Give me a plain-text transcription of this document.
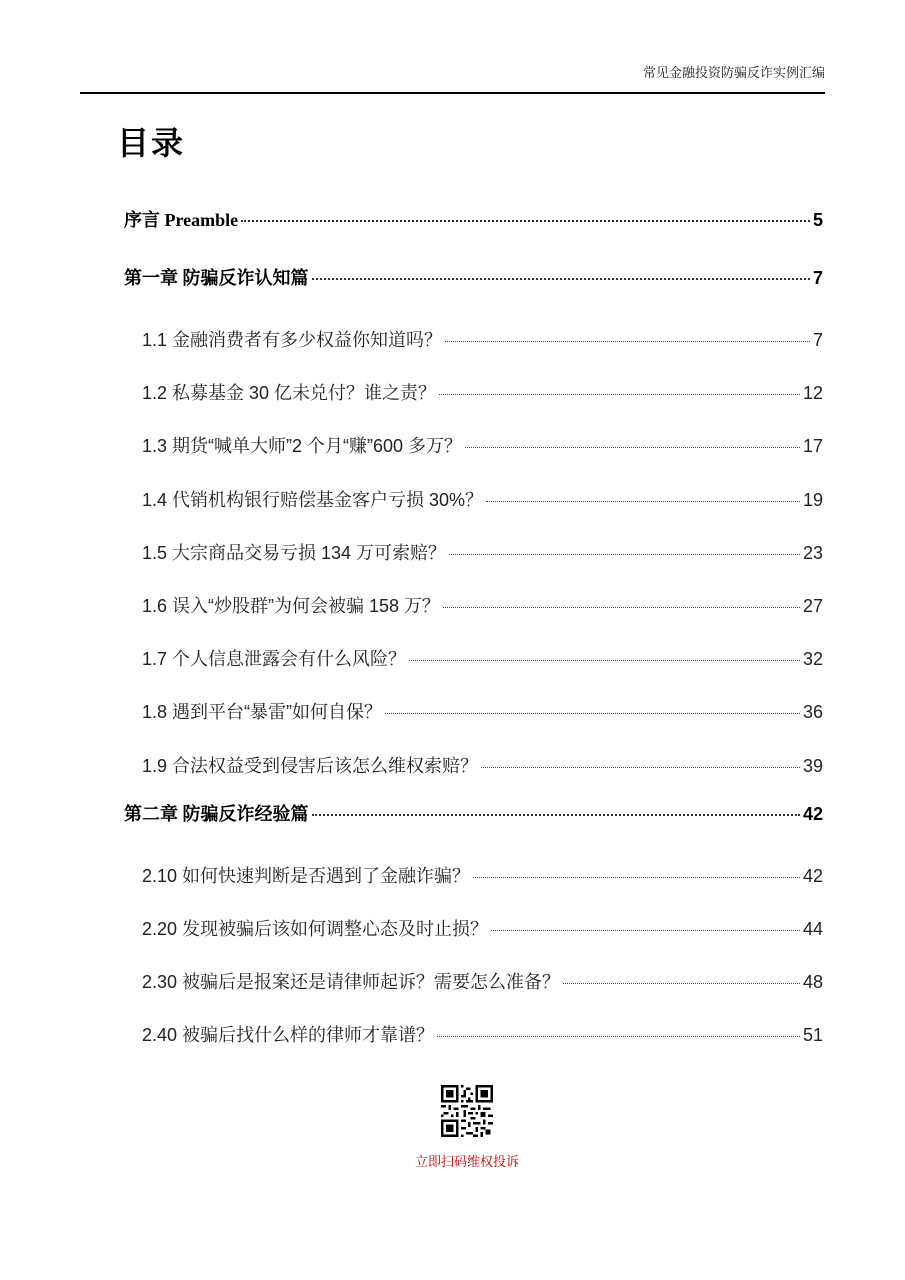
常见金融投资防骗反诈实例汇编
目录
序言 Preamble	5
第一章 防骗反诈认知篇	7
1.1 金融消费者有多少权益你知道吗？	7
1.2 私募基金 30 亿未兑付？谁之责？	12
1.3 期货“喊单大师”2 个月“赚”600 多万？	17
1.4 代销机构银行赔偿基金客户亏损 30%？	19
1.5 大宗商品交易亏损 134 万可索赔？	23
1.6 误入“炒股群”为何会被骗 158 万？	27
1.7 个人信息泄露会有什么风险？	32
1.8 遇到平台“暴雷”如何自保？	36
1.9 合法权益受到侵害后该怎么维权索赔？	39
第二章 防骗反诈经验篇	42
2.10 如何快速判断是否遇到了金融诈骗？	42
2.20 发现被骗后该如何调整心态及时止损？	44
2.30 被骗后是报案还是请律师起诉？需要怎么准备？	48
2.40 被骗后找什么样的律师才靠谱？	51
立即扫码维权投诉
